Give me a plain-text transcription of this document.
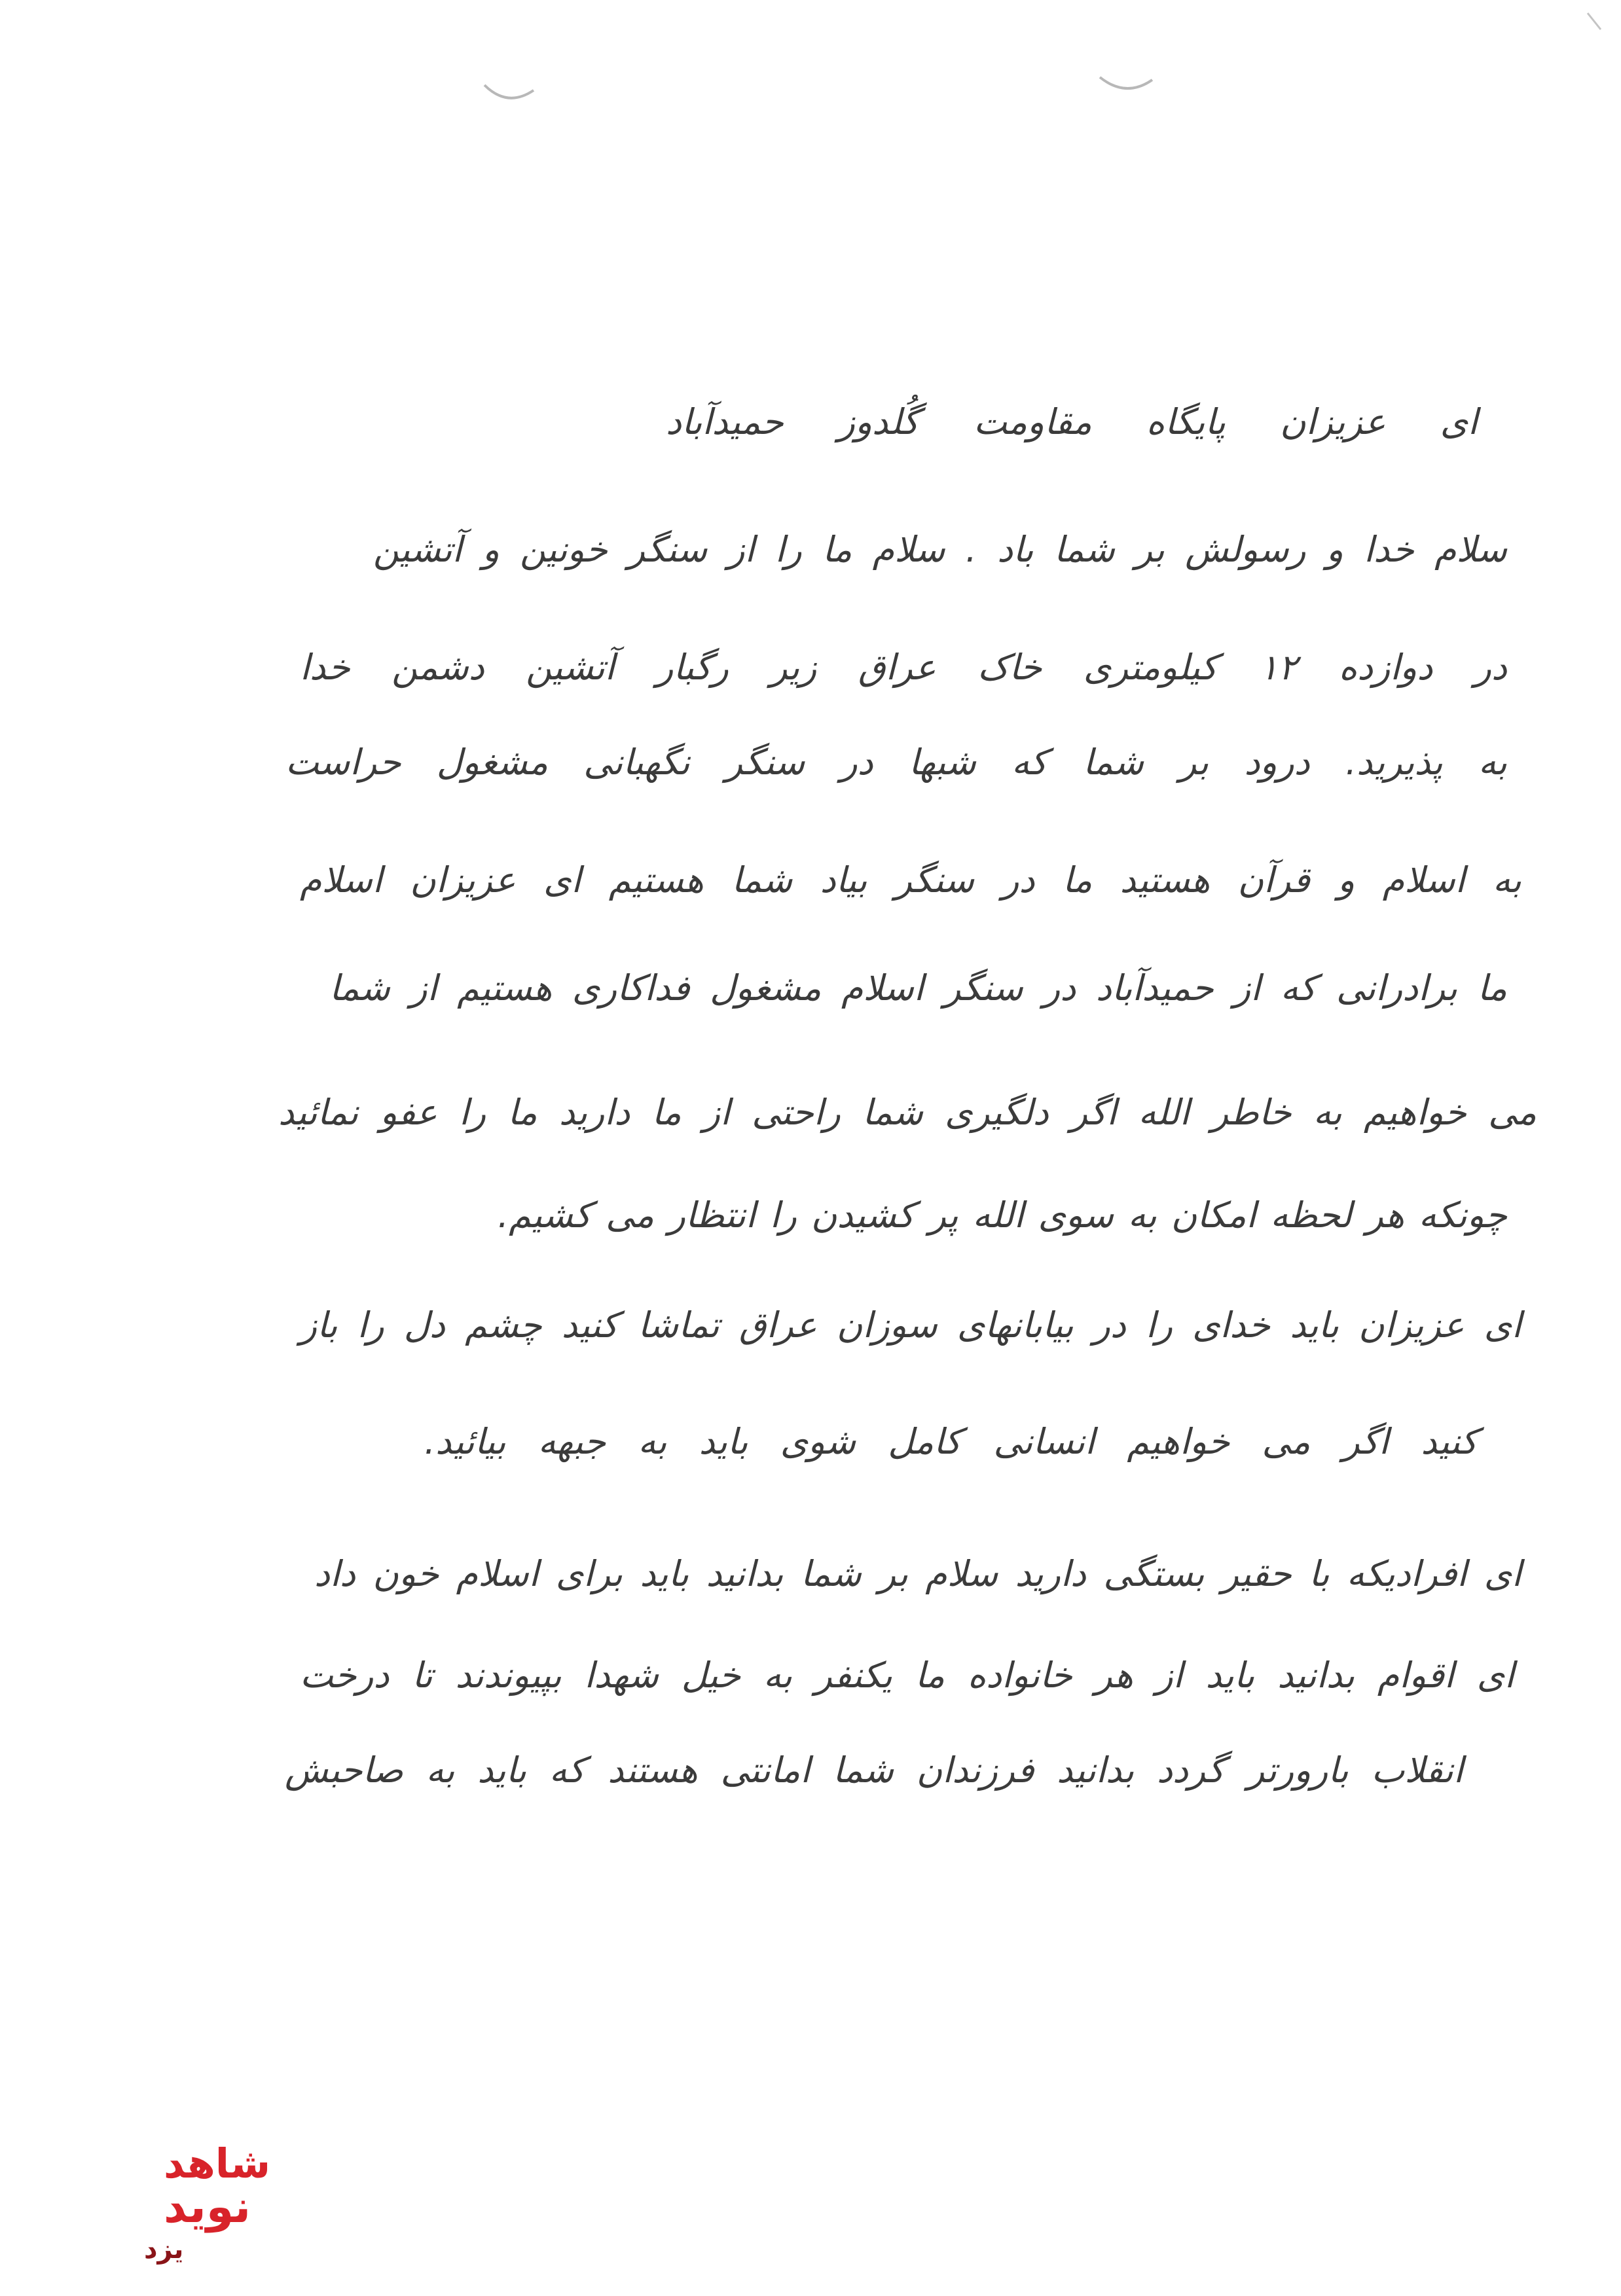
ای عزیزان پایگاه مقاومت گُلدوز حمیدآباد
سلام خدا و رسولش بر شما باد . سلام ما را از سنگر خونین و آتشین
در دوازده ۱۲ کیلومتری خاک عراق زیر رگبار آتشین دشمن خدا
به پذیرید. درود بر شما که شبها در سنگر نگهبانی مشغول حراست
به اسلام و قرآن هستید ما در سنگر بیاد شما هستیم ای عزیزان اسلام
ما برادرانی که از حمیدآباد در سنگر اسلام مشغول فداکاری هستیم از شما
می خواهیم به خاطر الله اگر دلگیری شما راحتی از ما دارید ما را عفو نمائید
چونکه هر لحظه امکان به سوی الله پر کشیدن را انتظار می کشیم.
ای عزیزان باید خدای را در بیابانهای سوزان عراق تماشا کنید چشم دل را باز
کنید اگر می خواهیم انسانی کامل شوی باید به جبهه بیائید.
ای افرادیکه با حقیر بستگی دارید سلام بر شما بدانید باید برای اسلام خون داد
ای اقوام بدانید باید از هر خانواده ما یکنفر به خیل شهدا بپیوندند تا درخت
انقلاب بارورتر گردد بدانید فرزندان شما امانتی هستند که باید به صاحبش
شاهد
نوید
یزد
